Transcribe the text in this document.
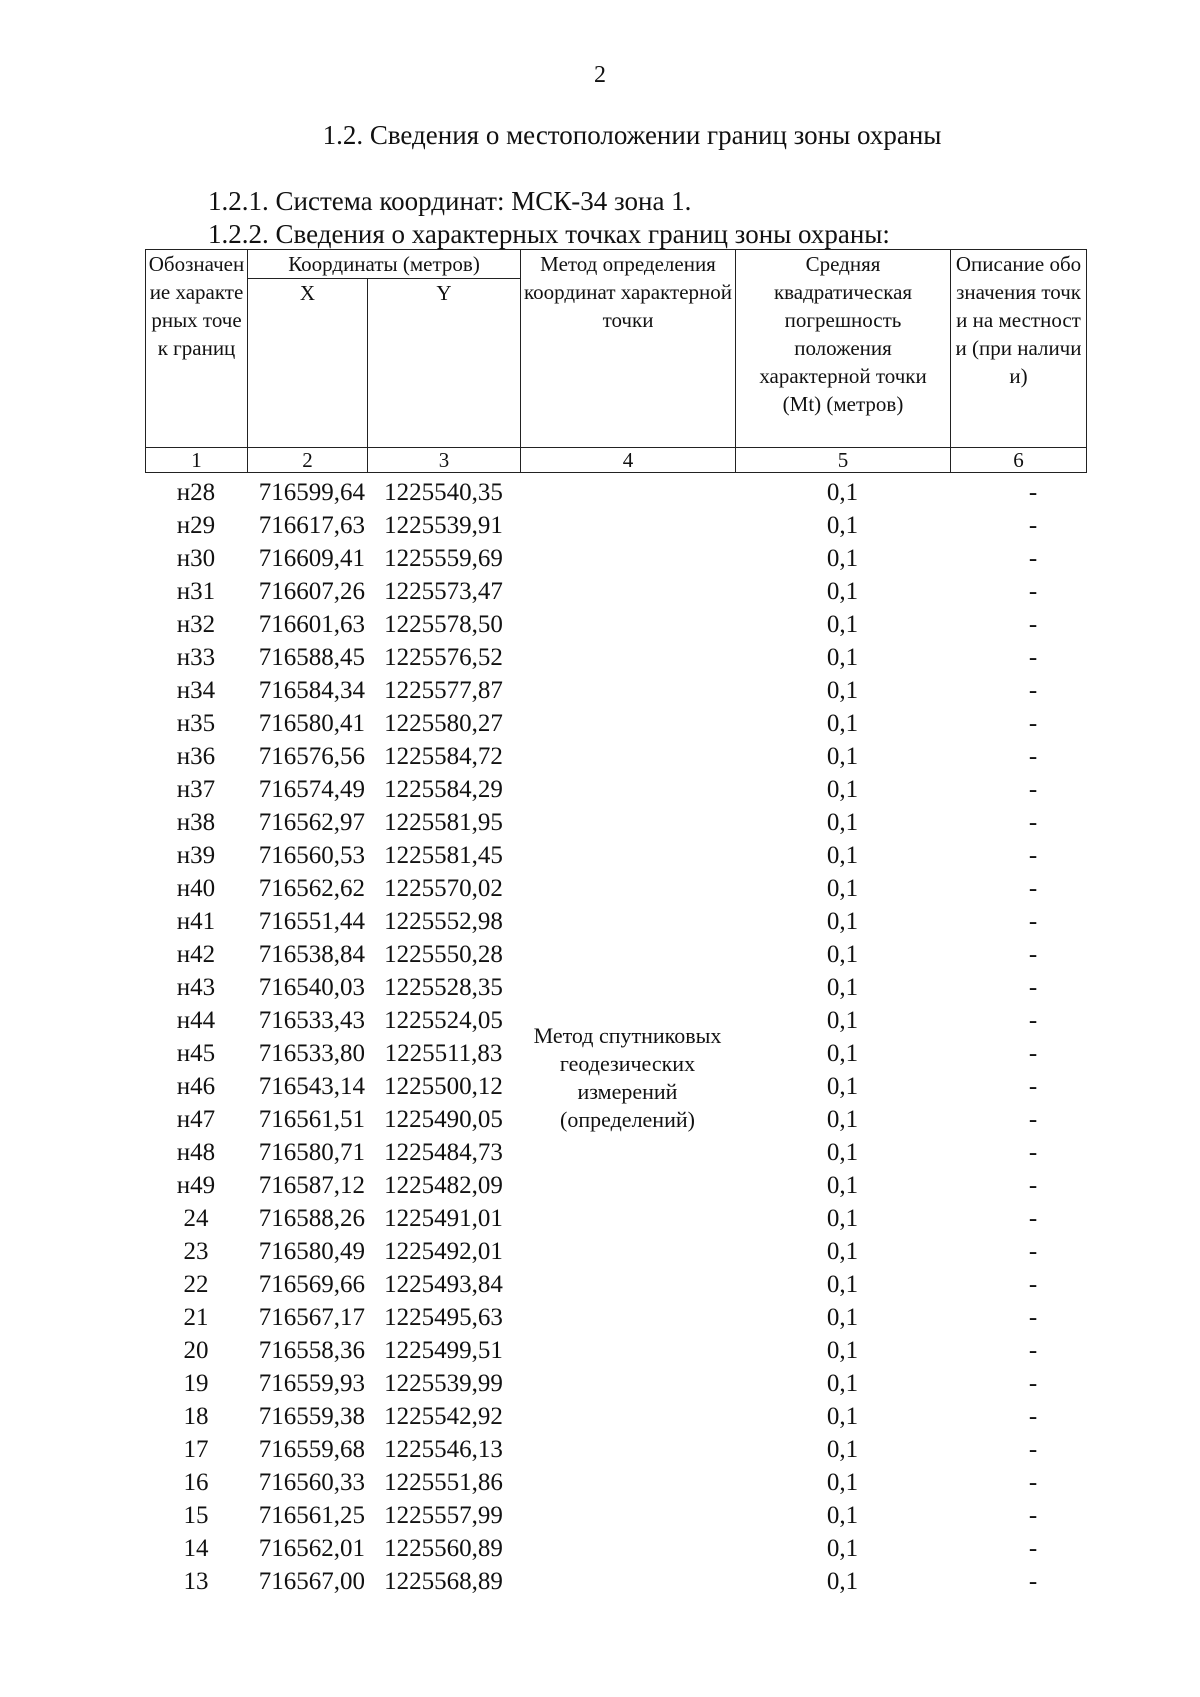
2
1.2. Сведения о местоположении границ зоны охраны
1.2.1. Система координат: МСК-34 зона 1.
1.2.2. Сведения о характерных точках границ зоны охраны:
Обозначение характерных точек границ	Координаты (метров)		Метод определения координат характерной точки	Средняя квадратическая погрешность положения характерной точки (Mt) (метров)	Описание обозначения точки на местности (при наличии)
	X	Y			
1	2	3	4	5	6
н28	716599,64	1225540,35	Метод спутниковых геодезических измерений (определений)	0,1	-
н29	716617,63	1225539,91		0,1	-
н30	716609,41	1225559,69		0,1	-
н31	716607,26	1225573,47		0,1	-
н32	716601,63	1225578,50		0,1	-
н33	716588,45	1225576,52		0,1	-
н34	716584,34	1225577,87		0,1	-
н35	716580,41	1225580,27		0,1	-
н36	716576,56	1225584,72		0,1	-
н37	716574,49	1225584,29		0,1	-
н38	716562,97	1225581,95		0,1	-
н39	716560,53	1225581,45		0,1	-
н40	716562,62	1225570,02		0,1	-
н41	716551,44	1225552,98		0,1	-
н42	716538,84	1225550,28		0,1	-
н43	716540,03	1225528,35		0,1	-
н44	716533,43	1225524,05		0,1	-
н45	716533,80	1225511,83		0,1	-
н46	716543,14	1225500,12		0,1	-
н47	716561,51	1225490,05		0,1	-
н48	716580,71	1225484,73		0,1	-
н49	716587,12	1225482,09		0,1	-
24	716588,26	1225491,01		0,1	-
23	716580,49	1225492,01		0,1	-
22	716569,66	1225493,84		0,1	-
21	716567,17	1225495,63		0,1	-
20	716558,36	1225499,51		0,1	-
19	716559,93	1225539,99		0,1	-
18	716559,38	1225542,92		0,1	-
17	716559,68	1225546,13		0,1	-
16	716560,33	1225551,86		0,1	-
15	716561,25	1225557,99		0,1	-
14	716562,01	1225560,89		0,1	-
13	716567,00	1225568,89		0,1	-
